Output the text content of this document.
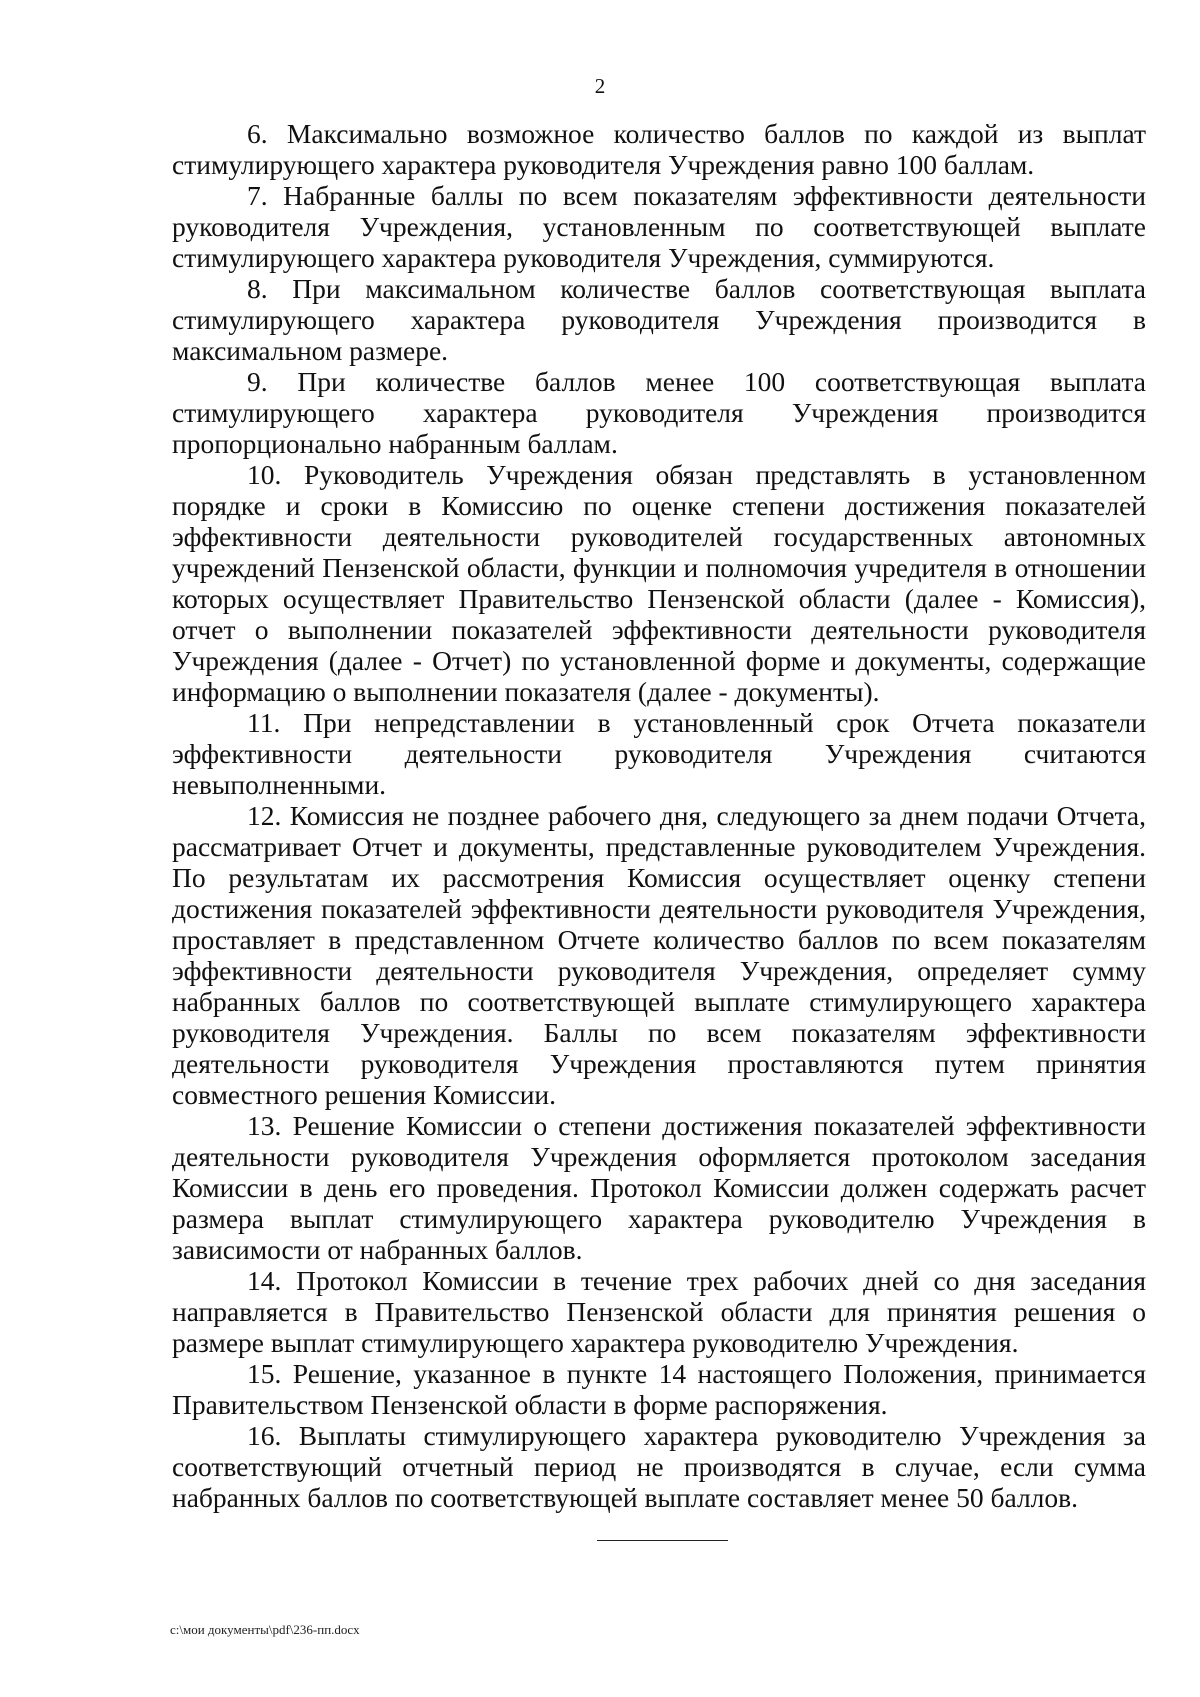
2

6. Максимально возможное количество баллов по каждой из выплат стимулирующего характера руководителя Учреждения равно 100 баллам.

7. Набранные баллы по всем показателям эффективности деятельности руководителя Учреждения, установленным по соответствующей выплате стимулирующего характера руководителя Учреждения, суммируются.

8. При максимальном количестве баллов соответствующая выплата стимулирующего характера руководителя Учреждения производится в максимальном размере.

9. При количестве баллов менее 100 соответствующая выплата стимулирующего характера руководителя Учреждения производится пропорционально набранным баллам.

10. Руководитель Учреждения обязан представлять в установленном порядке и сроки в Комиссию по оценке степени достижения показателей эффективности деятельности руководителей государственных автономных учреждений Пензенской области, функции и полномочия учредителя в отношении которых осуществляет Правительство Пензенской области (далее - Комиссия), отчет о выполнении показателей эффективности деятельности руководителя Учреждения (далее - Отчет) по установленной форме и документы, содержащие информацию о выполнении показателя (далее - документы).

11. При непредставлении в установленный срок Отчета показатели эффективности деятельности руководителя Учреждения считаются невыполненными.

12. Комиссия не позднее рабочего дня, следующего за днем подачи Отчета, рассматривает Отчет и документы, представленные руководителем Учреждения. По результатам их рассмотрения Комиссия осуществляет оценку степени достижения показателей эффективности деятельности руководителя Учреждения, проставляет в представленном Отчете количество баллов по всем показателям эффективности деятельности руководителя Учреждения, определяет сумму набранных баллов по соответствующей выплате стимулирующего характера руководителя Учреждения. Баллы по всем показателям эффективности деятельности руководителя Учреждения проставляются путем принятия совместного решения Комиссии.

13. Решение Комиссии о степени достижения показателей эффективности деятельности руководителя Учреждения оформляется протоколом заседания Комиссии в день его проведения. Протокол Комиссии должен содержать расчет размера выплат стимулирующего характера руководителю Учреждения в зависимости от набранных баллов.

14. Протокол Комиссии в течение трех рабочих дней со дня заседания направляется в Правительство Пензенской области для принятия решения о размере выплат стимулирующего характера руководителю Учреждения.

15. Решение, указанное в пункте 14 настоящего Положения, принимается Правительством Пензенской области в форме распоряжения.

16. Выплаты стимулирующего характера руководителю Учреждения за соответствующий отчетный период не производятся в случае, если сумма набранных баллов по соответствующей выплате составляет менее 50 баллов.

c:\мои документы\pdf\236-пп.docx
